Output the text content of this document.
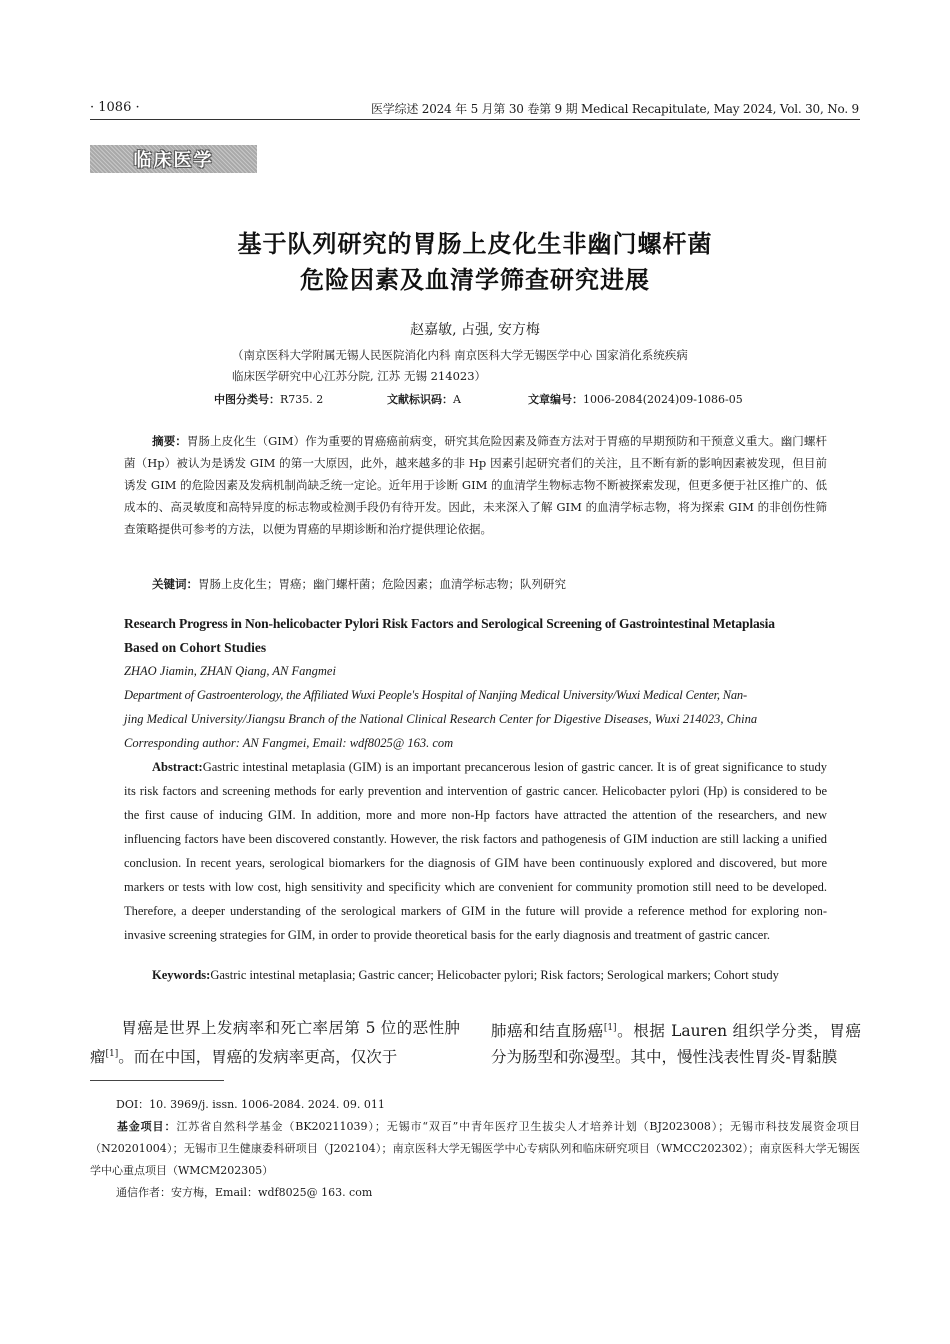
· 1086 ·	医学综述 2024 年 5 月第 30 卷第 9 期 Medical Recapitulate, May 2024, Vol. 30, No. 9
临床医学
基于队列研究的胃肠上皮化生非幽门螺杆菌
危险因素及血清学筛查研究进展
赵嘉敏, 占强, 安方梅
（南京医科大学附属无锡人民医院消化内科 南京医科大学无锡医学中心 国家消化系统疾病
临床医学研究中心江苏分院, 江苏 无锡 214023）
中图分类号：R735. 2	文献标识码：A	文章编号：1006-2084(2024)09-1086-05
摘要：胃肠上皮化生（GIM）作为重要的胃癌癌前病变，研究其危险因素及筛查方法对于胃癌的早期预防和干预意义重大。幽门螺杆菌（Hp）被认为是诱发 GIM 的第一大原因，此外，越来越多的非 Hp 因素引起研究者们的关注，且不断有新的影响因素被发现，但目前诱发 GIM 的危险因素及发病机制尚缺乏统一定论。近年用于诊断 GIM 的血清学生物标志物不断被探索发现，但更多便于社区推广的、低成本的、高灵敏度和高特异度的标志物或检测手段仍有待开发。因此，未来深入了解 GIM 的血清学标志物，将为探索 GIM 的非创伤性筛查策略提供可参考的方法，以便为胃癌的早期诊断和治疗提供理论依据。
关键词：胃肠上皮化生；胃癌；幽门螺杆菌；危险因素；血清学标志物；队列研究
Research Progress in Non-helicobacter Pylori Risk Factors and Serological Screening of Gastrointestinal Metaplasia
Based on Cohort Studies
ZHAO Jiamin, ZHAN Qiang, AN Fangmei
Department of Gastroenterology, the Affiliated Wuxi People's Hospital of Nanjing Medical University/Wuxi Medical Center, Nan-
jing Medical University/Jiangsu Branch of the National Clinical Research Center for Digestive Diseases, Wuxi 214023, China
Corresponding author: AN Fangmei, Email: wdf8025@ 163. com
Abstract:Gastric intestinal metaplasia (GIM) is an important precancerous lesion of gastric cancer. It is of great significance to study its risk factors and screening methods for early prevention and intervention of gastric cancer. Helicobacter pylori (Hp) is considered to be the first cause of inducing GIM. In addition, more and more non-Hp factors have attracted the attention of the researchers, and new influencing factors have been discovered constantly. However, the risk factors and pathogenesis of GIM induction are still lacking a unified conclusion. In recent years, serological biomarkers for the diagnosis of GIM have been continuously explored and discovered, but more markers or tests with low cost, high sensitivity and specificity which are convenient for community promotion still need to be developed. Therefore, a deeper understanding of the serological markers of GIM in the future will provide a reference method for exploring non-invasive screening strategies for GIM, in order to provide theoretical basis for the early diagnosis and treatment of gastric cancer.
Keywords:Gastric intestinal metaplasia; Gastric cancer; Helicobacter pylori; Risk factors; Serological markers; Cohort study
胃癌是世界上发病率和死亡率居第 5 位的恶性肿瘤[1]。而在中国，胃癌的发病率更高，仅次于
肺癌和结直肠癌[1]。根据 Lauren 组织学分类，胃癌分为肠型和弥漫型。其中，慢性浅表性胃炎-胃黏膜
DOI：10. 3969/j. issn. 1006-2084. 2024. 09. 011
基金项目：江苏省自然科学基金（BK20211039）；无锡市“双百”中青年医疗卫生拔尖人才培养计划（BJ2023008）；无锡市科技发展资金项目（N20201004）；无锡市卫生健康委科研项目（J202104）；南京医科大学无锡医学中心专病队列和临床研究项目（WMCC202302）；南京医科大学无锡医学中心重点项目（WMCM202305）
通信作者：安方梅，Email：wdf8025@ 163. com
